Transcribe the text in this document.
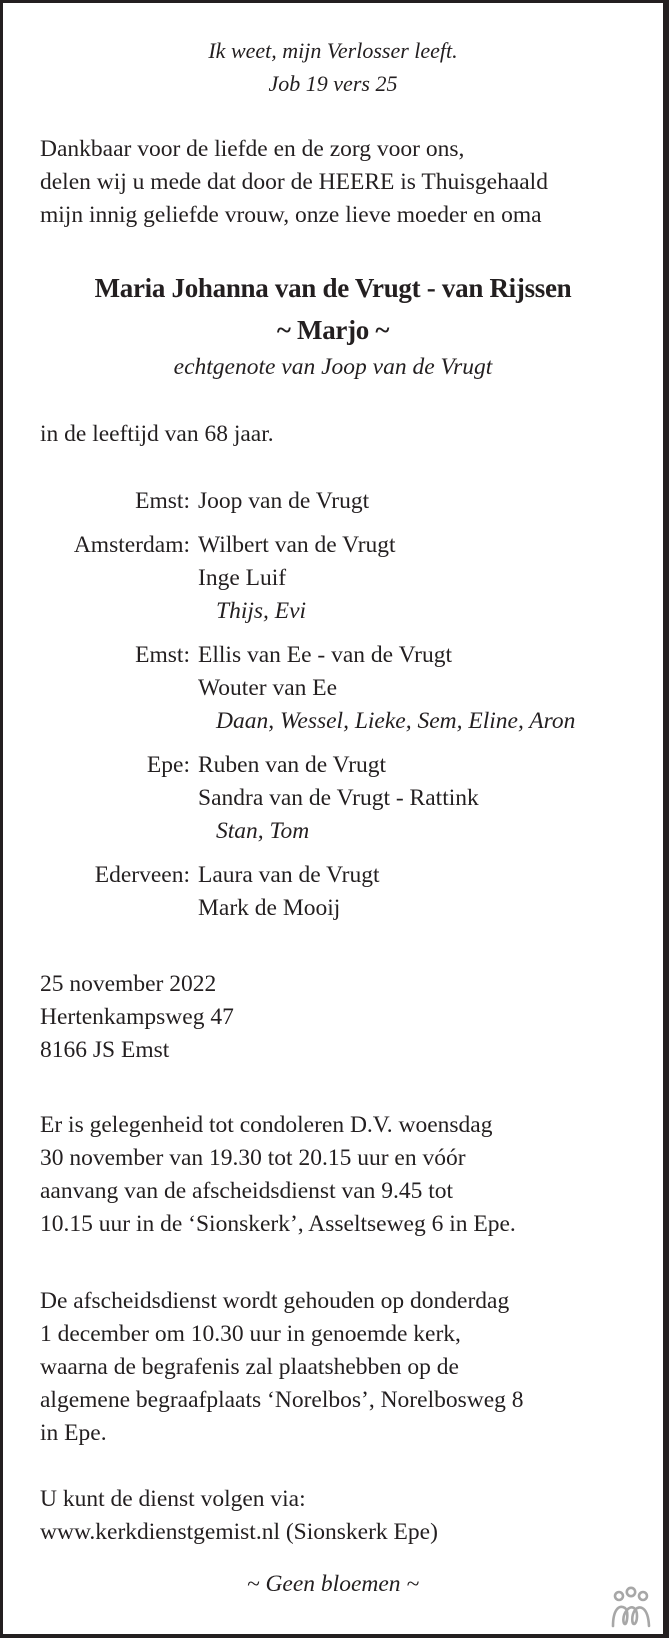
Ik weet, mijn Verlosser leeft.
Job 19 vers 25
Dankbaar voor de liefde en de zorg voor ons,
delen wij u mede dat door de HEERE is Thuisgehaald
mijn innig geliefde vrouw, onze lieve moeder en oma
Maria Johanna van de Vrugt - van Rijssen
~ Marjo ~
echtgenote van Joop van de Vrugt
in de leeftijd van 68 jaar.
Emst: Joop van de Vrugt
Amsterdam: Wilbert van de Vrugt
Inge Luif
Thijs, Evi
Emst: Ellis van Ee - van de Vrugt
Wouter van Ee
Daan, Wessel, Lieke, Sem, Eline, Aron
Epe: Ruben van de Vrugt
Sandra van de Vrugt - Rattink
Stan, Tom
Ederveen: Laura van de Vrugt
Mark de Mooij
25 november 2022
Hertenkampsweg 47
8166 JS Emst
Er is gelegenheid tot condoleren D.V. woensdag
30 november van 19.30 tot 20.15 uur en vóór
aanvang van de afscheidsdienst van 9.45 tot
10.15 uur in de ‘Sionskerk’, Asseltseweg 6 in Epe.
De afscheidsdienst wordt gehouden op donderdag
1 december om 10.30 uur in genoemde kerk,
waarna de begrafenis zal plaatshebben op de
algemene begraafplaats ‘Norelbos’, Norelbosweg 8
in Epe.
U kunt de dienst volgen via:
www.kerkdienstgemist.nl (Sionskerk Epe)
~ Geen bloemen ~
